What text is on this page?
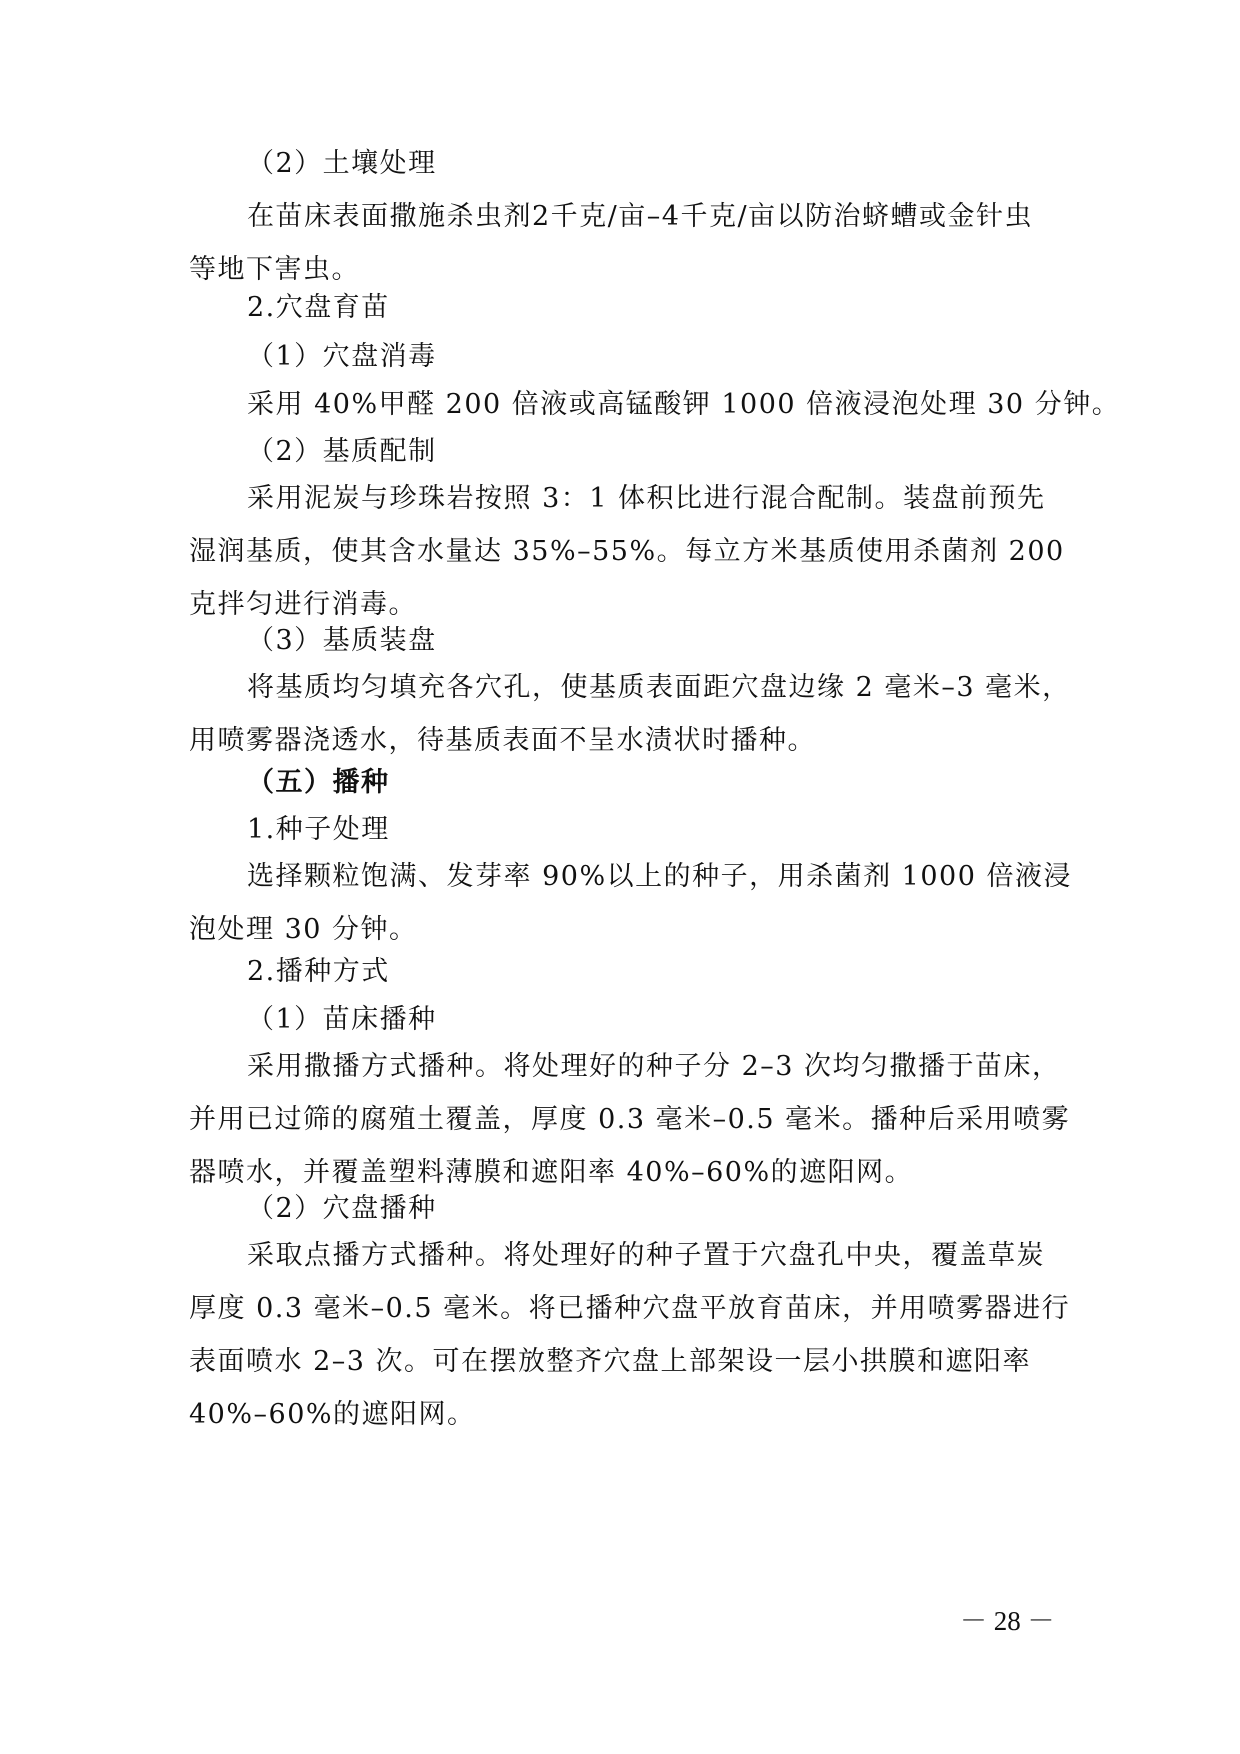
（2）土壤处理
在苗床表面撒施杀虫剂2千克/亩–4千克/亩以防治蛴螬或金针虫
等地下害虫。
2.穴盘育苗
（1）穴盘消毒
采用 40%甲醛 200 倍液或高锰酸钾 1000 倍液浸泡处理 30 分钟。
（2）基质配制
采用泥炭与珍珠岩按照 3：1 体积比进行混合配制。装盘前预先
湿润基质，使其含水量达 35%–55%。每立方米基质使用杀菌剂 200
克拌匀进行消毒。
（3）基质装盘
将基质均匀填充各穴孔，使基质表面距穴盘边缘 2 毫米–3 毫米，
用喷雾器浇透水，待基质表面不呈水渍状时播种。
（五）播种
1.种子处理
选择颗粒饱满、发芽率 90%以上的种子，用杀菌剂 1000 倍液浸
泡处理 30 分钟。
2.播种方式
（1）苗床播种
采用撒播方式播种。将处理好的种子分 2–3 次均匀撒播于苗床，
并用已过筛的腐殖土覆盖，厚度 0.3 毫米–0.5 毫米。播种后采用喷雾
器喷水，并覆盖塑料薄膜和遮阳率 40%–60%的遮阳网。
（2）穴盘播种
采取点播方式播种。将处理好的种子置于穴盘孔中央，覆盖草炭
厚度 0.3 毫米–0.5 毫米。将已播种穴盘平放育苗床，并用喷雾器进行
表面喷水 2–3 次。可在摆放整齐穴盘上部架设一层小拱膜和遮阳率
40%–60%的遮阳网。
－ 28 －
